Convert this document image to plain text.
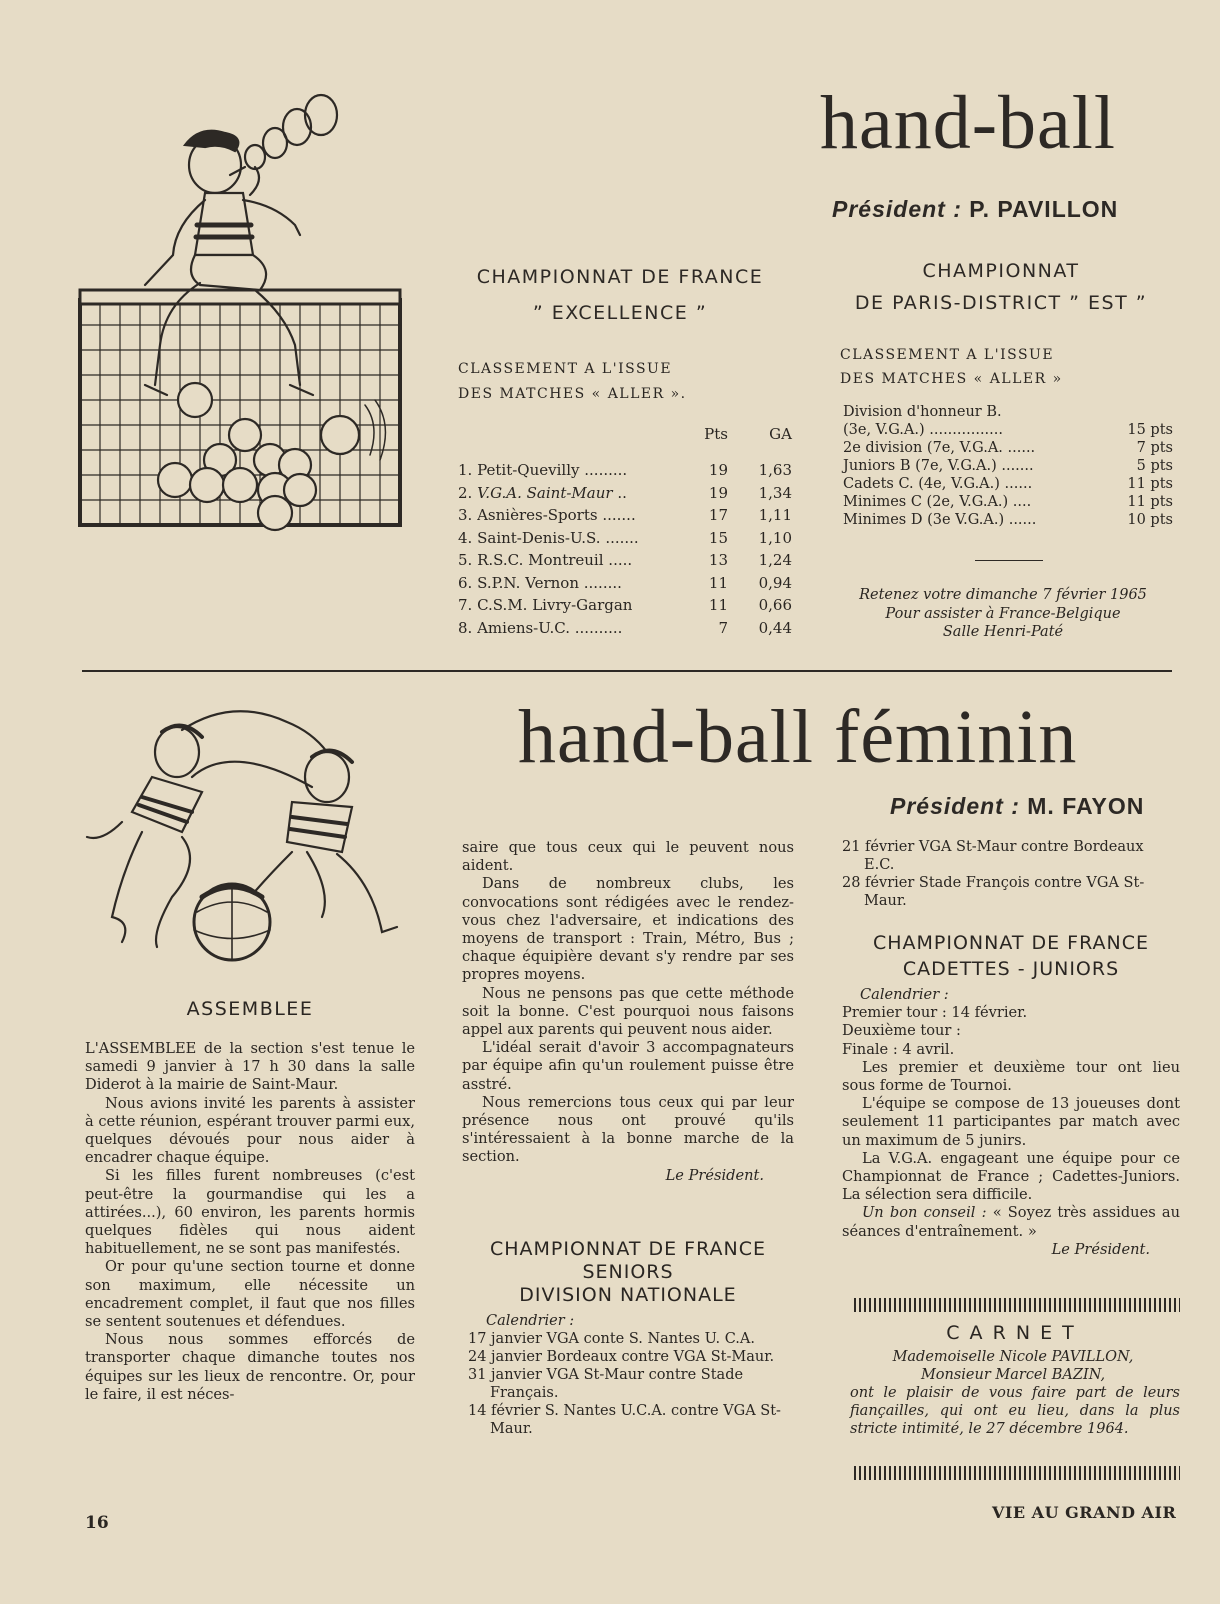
hand-ball
Président : P. PAVILLON
CHAMPIONNAT DE FRANCE
” EXCELLENCE ”
CLASSEMENT A L'ISSUE
DES MATCHES « ALLER ».
	Pts	GA
1. Petit-Quevilly .........	19	1,63
2. V.G.A. Saint-Maur ..	19	1,34
3. Asnières-Sports .......	17	1,11
4. Saint-Denis-U.S. .......	15	1,10
5. R.S.C. Montreuil .....	13	1,24
6. S.P.N. Vernon ........	11	0,94
7. C.S.M. Livry-Gargan	11	0,66
8. Amiens-U.C. ..........	7	0,44
CHAMPIONNAT
DE PARIS-DISTRICT ” EST ”
CLASSEMENT A L'ISSUE
DES MATCHES « ALLER »
Division d'honneur B.
(3e, V.G.A.) ................	15 pts
2e division (7e, V.G.A. ......	7 pts
Juniors B (7e, V.G.A.) .......	5 pts
Cadets C. (4e, V.G.A.) ......	11 pts
Minimes C (2e, V.G.A.) ....	11 pts
Minimes D (3e V.G.A.) ......	10 pts
Retenez votre dimanche 7 février 1965
Pour assister à France-Belgique
Salle Henri-Paté
hand-ball féminin
Président : M. FAYON
ASSEMBLEE

L'ASSEMBLEE de la section s'est tenue le samedi 9 janvier à 17 h 30 dans la salle Diderot à la mairie de Saint-Maur.

Nous avions invité les parents à assister à cette réunion, espérant trouver parmi eux, quelques dévoués pour nous aider à encadrer chaque équipe.

Si les filles furent nombreuses (c'est peut-être la gourmandise qui les a attirées...), 60 environ, les parents hormis quelques fidèles qui nous aident habituellement, ne se sont pas manifestés.

Or pour qu'une section tourne et donne son maximum, elle nécessite un encadrement complet, il faut que nos filles se sentent soutenues et défendues.

Nous nous sommes efforcés de transporter chaque dimanche toutes nos équipes sur les lieux de rencontre. Or, pour le faire, il est néces-

saire que tous ceux qui le peuvent nous aident.

Dans de nombreux clubs, les convocations sont rédigées avec le rendez-vous chez l'adversaire, et indications des moyens de transport : Train, Métro, Bus ; chaque équipière devant s'y rendre par ses propres moyens.

Nous ne pensons pas que cette méthode soit la bonne. C'est pourquoi nous faisons appel aux parents qui peuvent nous aider.

L'idéal serait d'avoir 3 accompagnateurs par équipe afin qu'un roulement puisse être asstré.

Nous remercions tous ceux qui par leur présence nous ont prouvé qu'ils s'intéressaient à la bonne marche de la section.

Le Président.
CHAMPIONNAT DE FRANCE
SENIORS
DIVISION NATIONALE
Calendrier :
17 janvier VGA conte S. Nantes U. C.A.
24 janvier Bordeaux contre VGA St-Maur.
31 janvier VGA St-Maur contre Stade Français.
14 février S. Nantes U.C.A. contre VGA St-Maur.
21 février VGA St-Maur contre Bordeaux E.C.
28 février Stade François contre VGA St-Maur.
CHAMPIONNAT DE FRANCE
CADETTES - JUNIORS
Calendrier :
Premier tour : 14 février.
Deuxième tour :
Finale : 4 avril.

Les premier et deuxième tour ont lieu sous forme de Tournoi.

L'équipe se compose de 13 joueuses dont seulement 11 participantes par match avec un maximum de 5 junirs.

La V.G.A. engageant une équipe pour ce Championnat de France ; Cadettes-Juniors. La sélection sera difficile.

Un bon conseil : « Soyez très assidues au séances d'entraînement. »

Le Président.
C A R N E T
Mademoiselle Nicole PAVILLON,
Monsieur Marcel BAZIN,
ont le plaisir de vous faire part de leurs fiançailles, qui ont eu lieu, dans la plus stricte intimité, le 27 décembre 1964.
16
VIE AU GRAND AIR
